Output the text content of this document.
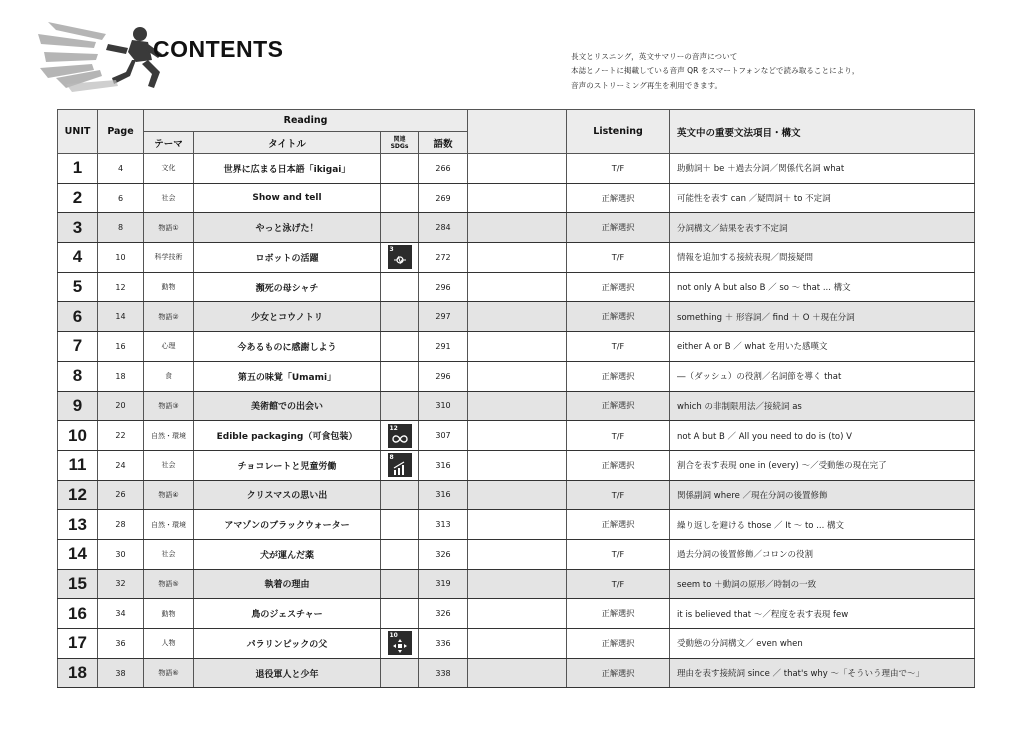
CONTENTS	長文とリスニング，英文サマリーの音声について
本誌とノートに掲載している音声 QR をスマートフォンなどで読み取ることにより，
音声のストリーミング再生を利用できます。
UNIT	Page	Reading					Listening	英文中の重要文法項目・構文
		テーマ	タイトル	関連
SDGs	語数			
1	4	文化	世界に広まる日本語「ikigai」		266		T/F	助動詞＋ be ＋過去分詞／関係代名詞 what
2	6	社会	Show and tell		269		正解選択	可能性を表す can ／疑問詞＋ to 不定詞
3	8	物語①	やっと泳げた！		284		正解選択	分詞構文／結果を表す不定詞
4	10	科学技術	ロボットの活躍	3	272		T/F	情報を追加する接続表現／間接疑問
5	12	動物	瀕死の母シャチ		296		正解選択	not only A but also B ／ so 〜 that ... 構文
6	14	物語②	少女とコウノトリ		297		正解選択	something ＋ 形容詞／ find ＋ O ＋現在分詞
7	16	心理	今あるものに感謝しよう		291		T/F	either A or B ／ what を用いた感嘆文
8	18	食	第五の味覚「Umami」		296		正解選択	―（ダッシュ）の役割／名詞節を導く that
9	20	物語③	美術館での出会い		310		正解選択	which の非制限用法／接続詞 as
10	22	自然・環境	Edible packaging（可食包装）	12	307		T/F	not A but B ／ All you need to do is (to) V
11	24	社会	チョコレートと児童労働	8	316		正解選択	割合を表す表現 one in (every) 〜／受動態の現在完了
12	26	物語④	クリスマスの思い出		316		T/F	関係副詞 where ／現在分詞の後置修飾
13	28	自然・環境	アマゾンのブラックウォーター		313		正解選択	繰り返しを避ける those ／ It 〜 to ... 構文
14	30	社会	犬が運んだ薬		326		T/F	過去分詞の後置修飾／コロンの役割
15	32	物語⑤	執着の理由		319		T/F	seem to ＋動詞の原形／時制の一致
16	34	動物	鳥のジェスチャー		326		正解選択	it is believed that 〜／程度を表す表現 few
17	36	人物	パラリンピックの父	10	336		正解選択	受動態の分詞構文／ even when
18	38	物語⑥	退役軍人と少年		338		正解選択	理由を表す接続詞 since ／ that's why 〜「そういう理由で〜」
